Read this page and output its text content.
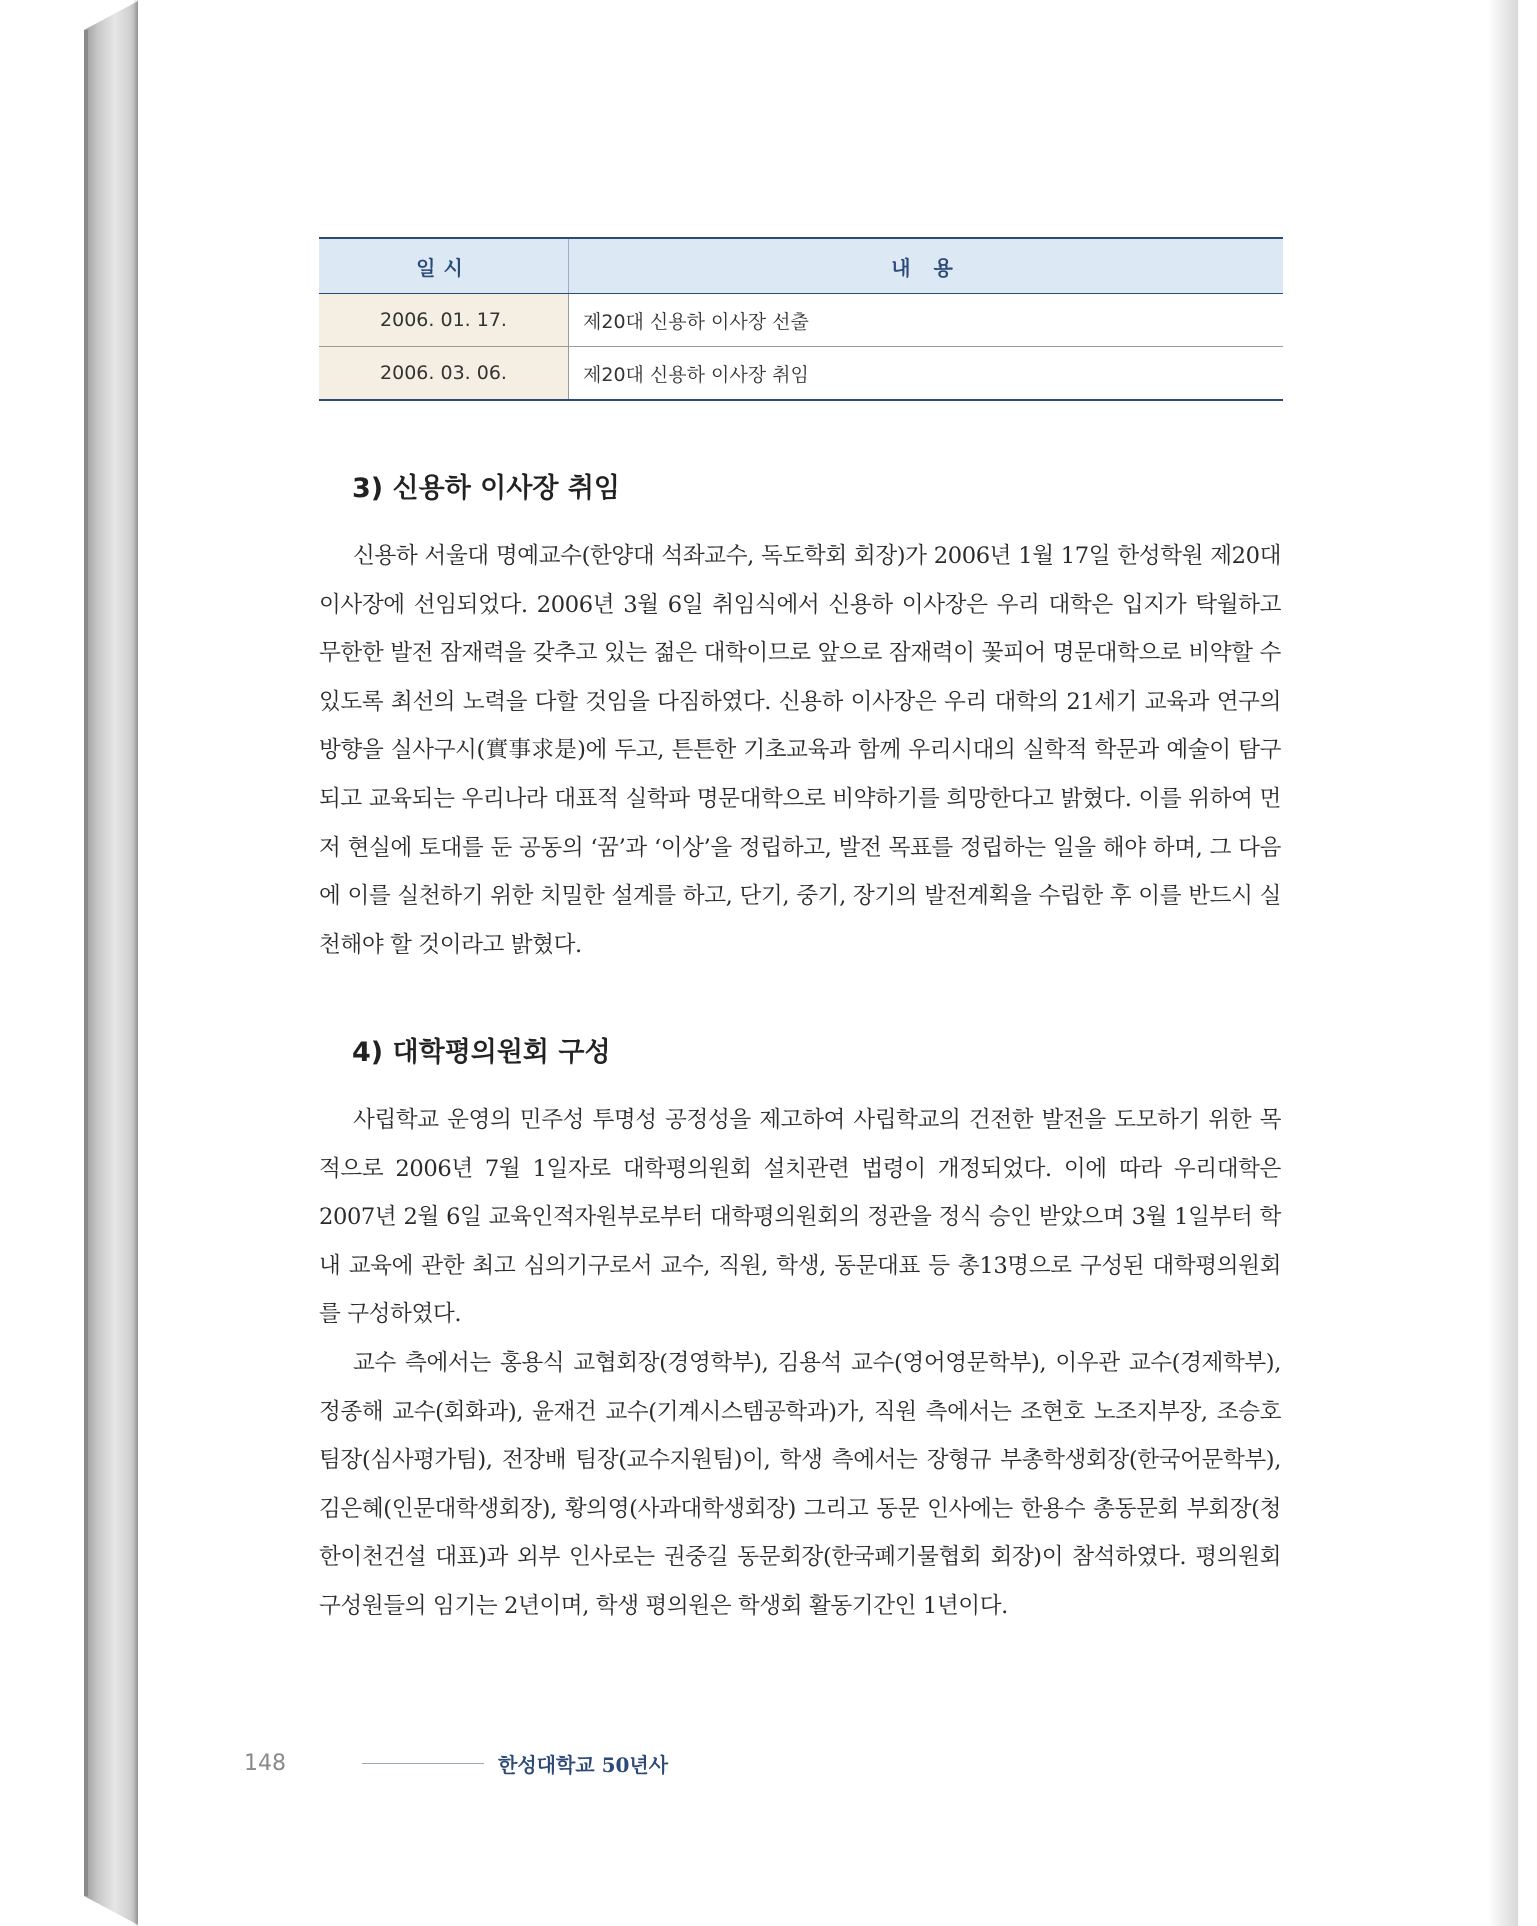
일시	내 용
2006. 01. 17.	제20대 신용하 이사장 선출
2006. 03. 06.	제20대 신용하 이사장 취임
3) 신용하 이사장 취임

신용하 서울대 명예교수(한양대 석좌교수, 독도학회 회장)가 2006년 1월 17일 한성학원 제20대 이사장에 선임되었다. 2006년 3월 6일 취임식에서 신용하 이사장은 우리 대학은 입지가 탁월하고 무한한 발전 잠재력을 갖추고 있는 젊은 대학이므로 앞으로 잠재력이 꽃피어 명문대학으로 비약할 수 있도록 최선의 노력을 다할 것임을 다짐하였다. 신용하 이사장은 우리 대학의 21세기 교육과 연구의 방향을 실사구시(實事求是)에 두고, 튼튼한 기초교육과 함께 우리시대의 실학적 학문과 예술이 탐구되고 교육되는 우리나라 대표적 실학파 명문대학으로 비약하기를 희망한다고 밝혔다. 이를 위하여 먼저 현실에 토대를 둔 공동의 ‘꿈’과 ‘이상’을 정립하고, 발전 목표를 정립하는 일을 해야 하며, 그 다음에 이를 실천하기 위한 치밀한 설계를 하고, 단기, 중기, 장기의 발전계획을 수립한 후 이를 반드시 실천해야 할 것이라고 밝혔다.

4) 대학평의원회 구성

사립학교 운영의 민주성 투명성 공정성을 제고하여 사립학교의 건전한 발전을 도모하기 위한 목적으로 2006년 7월 1일자로 대학평의원회 설치관련 법령이 개정되었다. 이에 따라 우리대학은 2007년 2월 6일 교육인적자원부로부터 대학평의원회의 정관을 정식 승인 받았으며 3월 1일부터 학내 교육에 관한 최고 심의기구로서 교수, 직원, 학생, 동문대표 등 총13명으로 구성된 대학평의원회를 구성하였다.

교수 측에서는 홍용식 교협회장(경영학부), 김용석 교수(영어영문학부), 이우관 교수(경제학부), 정종해 교수(회화과), 윤재건 교수(기계시스템공학과)가, 직원 측에서는 조현호 노조지부장, 조승호 팀장(심사평가팀), 전장배 팀장(교수지원팀)이, 학생 측에서는 장형규 부총학생회장(한국어문학부), 김은혜(인문대학생회장), 황의영(사과대학생회장) 그리고 동문 인사에는 한용수 총동문회 부회장(청한이천건설 대표)과 외부 인사로는 권중길 동문회장(한국폐기물협회 회장)이 참석하였다. 평의원회 구성원들의 임기는 2년이며, 학생 평의원은 학생회 활동기간인 1년이다.

148	한성대학교 50년사
